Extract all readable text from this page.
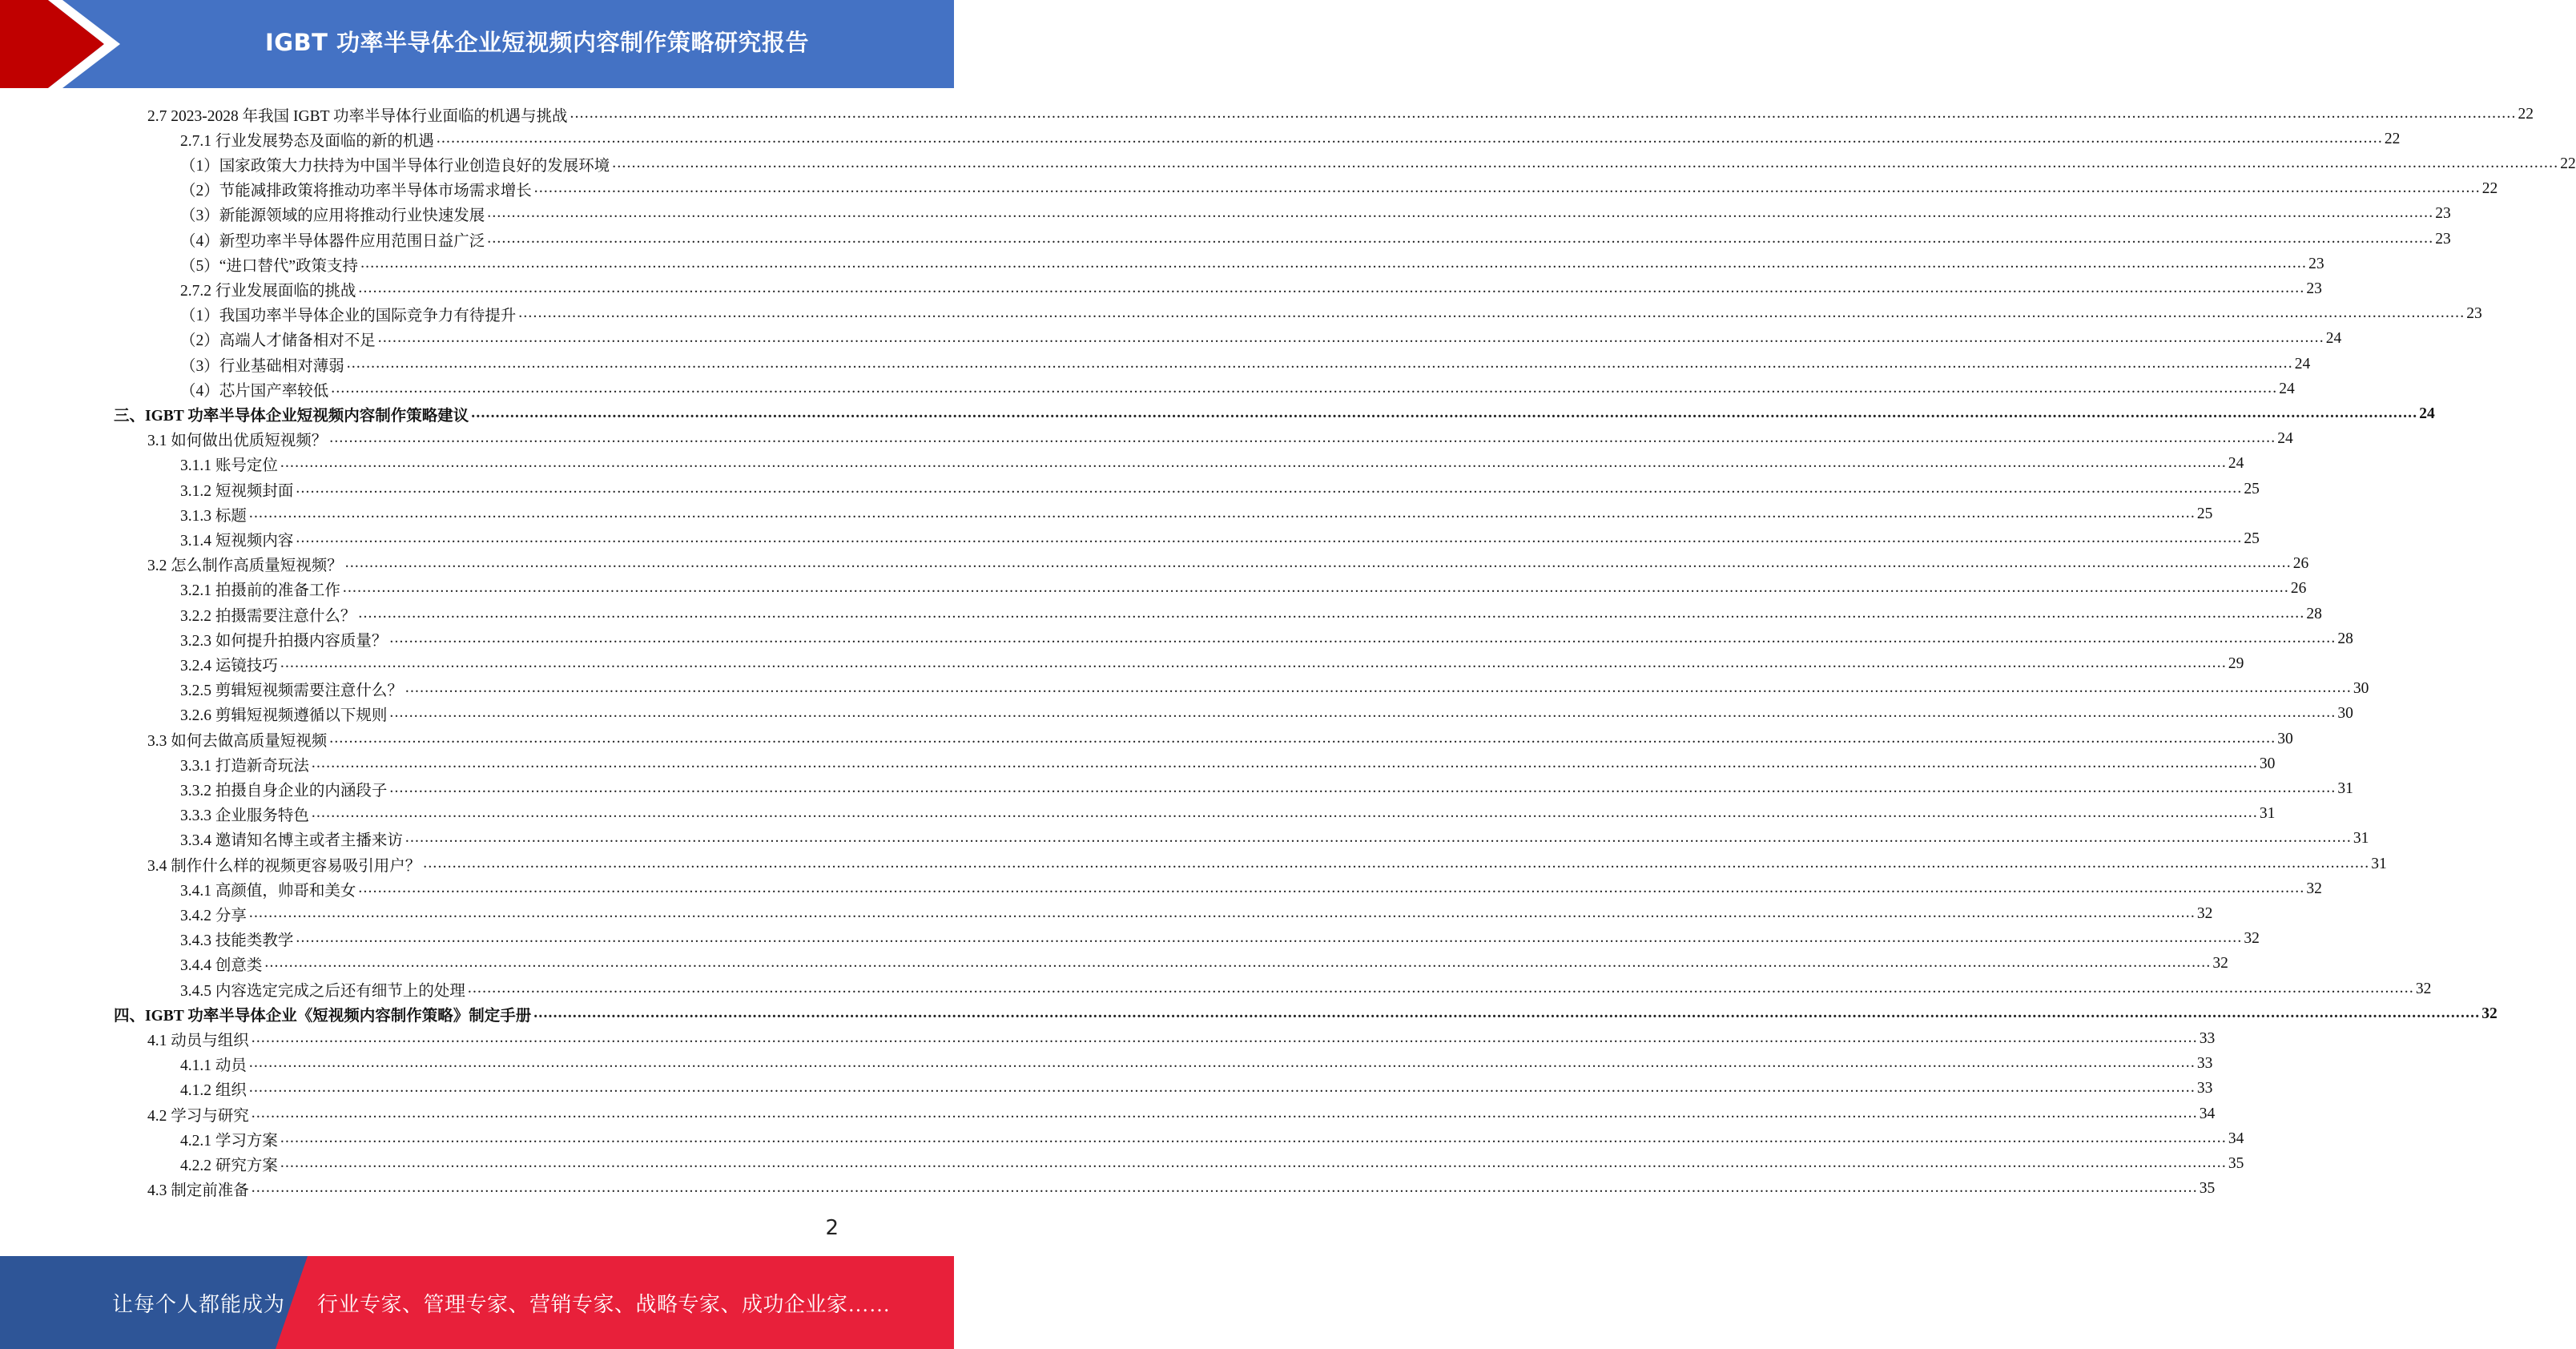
IGBT 功率半导体企业短视频内容制作策略研究报告
2.7 2023-2028 年我国 IGBT 功率半导体行业面临的机遇与挑战 ................................................................................................................................................................................................................................................................................................................................................................................................................ 22
2.7.1 行业发展势态及面临的新的机遇 ................................................................................................................................................................................................................................................................................................................................................................................................................ 22
（1）国家政策大力扶持为中国半导体行业创造良好的发展环境 ................................................................................................................................................................................................................................................................................................................................................................................................................ 22
（2）节能减排政策将推动功率半导体市场需求增长 ................................................................................................................................................................................................................................................................................................................................................................................................................ 22
（3）新能源领域的应用将推动行业快速发展 ................................................................................................................................................................................................................................................................................................................................................................................................................ 23
（4）新型功率半导体器件应用范围日益广泛 ................................................................................................................................................................................................................................................................................................................................................................................................................ 23
（5）“进口替代”政策支持 ................................................................................................................................................................................................................................................................................................................................................................................................................ 23
2.7.2 行业发展面临的挑战 ................................................................................................................................................................................................................................................................................................................................................................................................................ 23
（1）我国功率半导体企业的国际竞争力有待提升 ................................................................................................................................................................................................................................................................................................................................................................................................................ 23
（2）高端人才储备相对不足 ................................................................................................................................................................................................................................................................................................................................................................................................................ 24
（3）行业基础相对薄弱 ................................................................................................................................................................................................................................................................................................................................................................................................................ 24
（4）芯片国产率较低 ................................................................................................................................................................................................................................................................................................................................................................................................................ 24
三、IGBT 功率半导体企业短视频内容制作策略建议 ................................................................................................................................................................................................................................................................................................................................................................................................................ 24
3.1 如何做出优质短视频？ ................................................................................................................................................................................................................................................................................................................................................................................................................ 24
3.1.1 账号定位 ................................................................................................................................................................................................................................................................................................................................................................................................................ 24
3.1.2 短视频封面 ................................................................................................................................................................................................................................................................................................................................................................................................................ 25
3.1.3 标题 ................................................................................................................................................................................................................................................................................................................................................................................................................ 25
3.1.4 短视频内容 ................................................................................................................................................................................................................................................................................................................................................................................................................ 25
3.2 怎么制作高质量短视频？ ................................................................................................................................................................................................................................................................................................................................................................................................................ 26
3.2.1 拍摄前的准备工作 ................................................................................................................................................................................................................................................................................................................................................................................................................ 26
3.2.2 拍摄需要注意什么？ ................................................................................................................................................................................................................................................................................................................................................................................................................ 28
3.2.3 如何提升拍摄内容质量？ ................................................................................................................................................................................................................................................................................................................................................................................................................ 28
3.2.4 运镜技巧 ................................................................................................................................................................................................................................................................................................................................................................................................................ 29
3.2.5 剪辑短视频需要注意什么？ ................................................................................................................................................................................................................................................................................................................................................................................................................ 30
3.2.6 剪辑短视频遵循以下规则 ................................................................................................................................................................................................................................................................................................................................................................................................................ 30
3.3 如何去做高质量短视频 ................................................................................................................................................................................................................................................................................................................................................................................................................ 30
3.3.1 打造新奇玩法 ................................................................................................................................................................................................................................................................................................................................................................................................................ 30
3.3.2 拍摄自身企业的内涵段子 ................................................................................................................................................................................................................................................................................................................................................................................................................ 31
3.3.3 企业服务特色 ................................................................................................................................................................................................................................................................................................................................................................................................................ 31
3.3.4 邀请知名博主或者主播来访 ................................................................................................................................................................................................................................................................................................................................................................................................................ 31
3.4 制作什么样的视频更容易吸引用户？ ................................................................................................................................................................................................................................................................................................................................................................................................................ 31
3.4.1 高颜值，帅哥和美女 ................................................................................................................................................................................................................................................................................................................................................................................................................ 32
3.4.2 分享 ................................................................................................................................................................................................................................................................................................................................................................................................................ 32
3.4.3 技能类教学 ................................................................................................................................................................................................................................................................................................................................................................................................................ 32
3.4.4 创意类 ................................................................................................................................................................................................................................................................................................................................................................................................................ 32
3.4.5 内容选定完成之后还有细节上的处理 ................................................................................................................................................................................................................................................................................................................................................................................................................ 32
四、IGBT 功率半导体企业《短视频内容制作策略》制定手册 ................................................................................................................................................................................................................................................................................................................................................................................................................ 32
4.1 动员与组织 ................................................................................................................................................................................................................................................................................................................................................................................................................ 33
4.1.1 动员 ................................................................................................................................................................................................................................................................................................................................................................................................................ 33
4.1.2 组织 ................................................................................................................................................................................................................................................................................................................................................................................................................ 33
4.2 学习与研究 ................................................................................................................................................................................................................................................................................................................................................................................................................ 34
4.2.1 学习方案 ................................................................................................................................................................................................................................................................................................................................................................................................................ 34
4.2.2 研究方案 ................................................................................................................................................................................................................................................................................................................................................................................................................ 35
4.3 制定前准备 ................................................................................................................................................................................................................................................................................................................................................................................................................ 35
2
让每个人都能成为 行业专家、管理专家、营销专家、战略专家、成功企业家……
